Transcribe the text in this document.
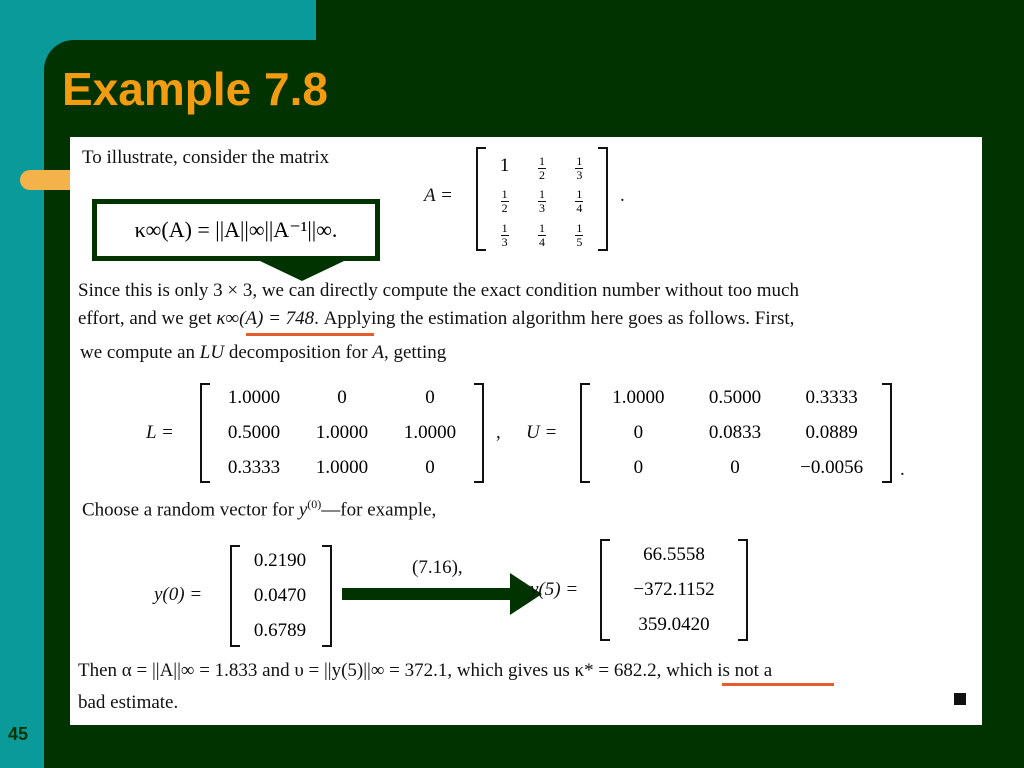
Example 7.8
45
To illustrate, consider the matrix
κ∞(A) = ||A||∞||A⁻¹||∞.
A =
1	$\frac{1}{2} \frac{1}{3}$
$\frac{1}{2} \frac{1}{3} \frac{1}{4}$
$\frac{1}{3} \frac{1}{4} \frac{1}{5}$
.
Since this is only 3 × 3, we can directly compute the exact condition number without too much
effort, and we get κ∞(A) = 748. Applying the estimation algorithm here goes as follows. First,
we compute an LU decomposition for A, getting
L =
1.0000	0	0
0.5000	1.0000	1.0000
0.3333	1.0000	0
, U =
1.0000	0.5000	0.3333
0	0.0833	0.0889
0	0	−0.0056	.
Choose a random vector for $y^{(0)}—for$ example,
y(0) =
0.2190
0.0470
0.6789
(7.16),
y(5) =
66.5558
−372.1152
359.0420
Then α = ||A||∞ = 1.833 and υ = ||y(5)||∞ = 372.1, which gives us κ* = 682.2, which is not a
bad estimate.
